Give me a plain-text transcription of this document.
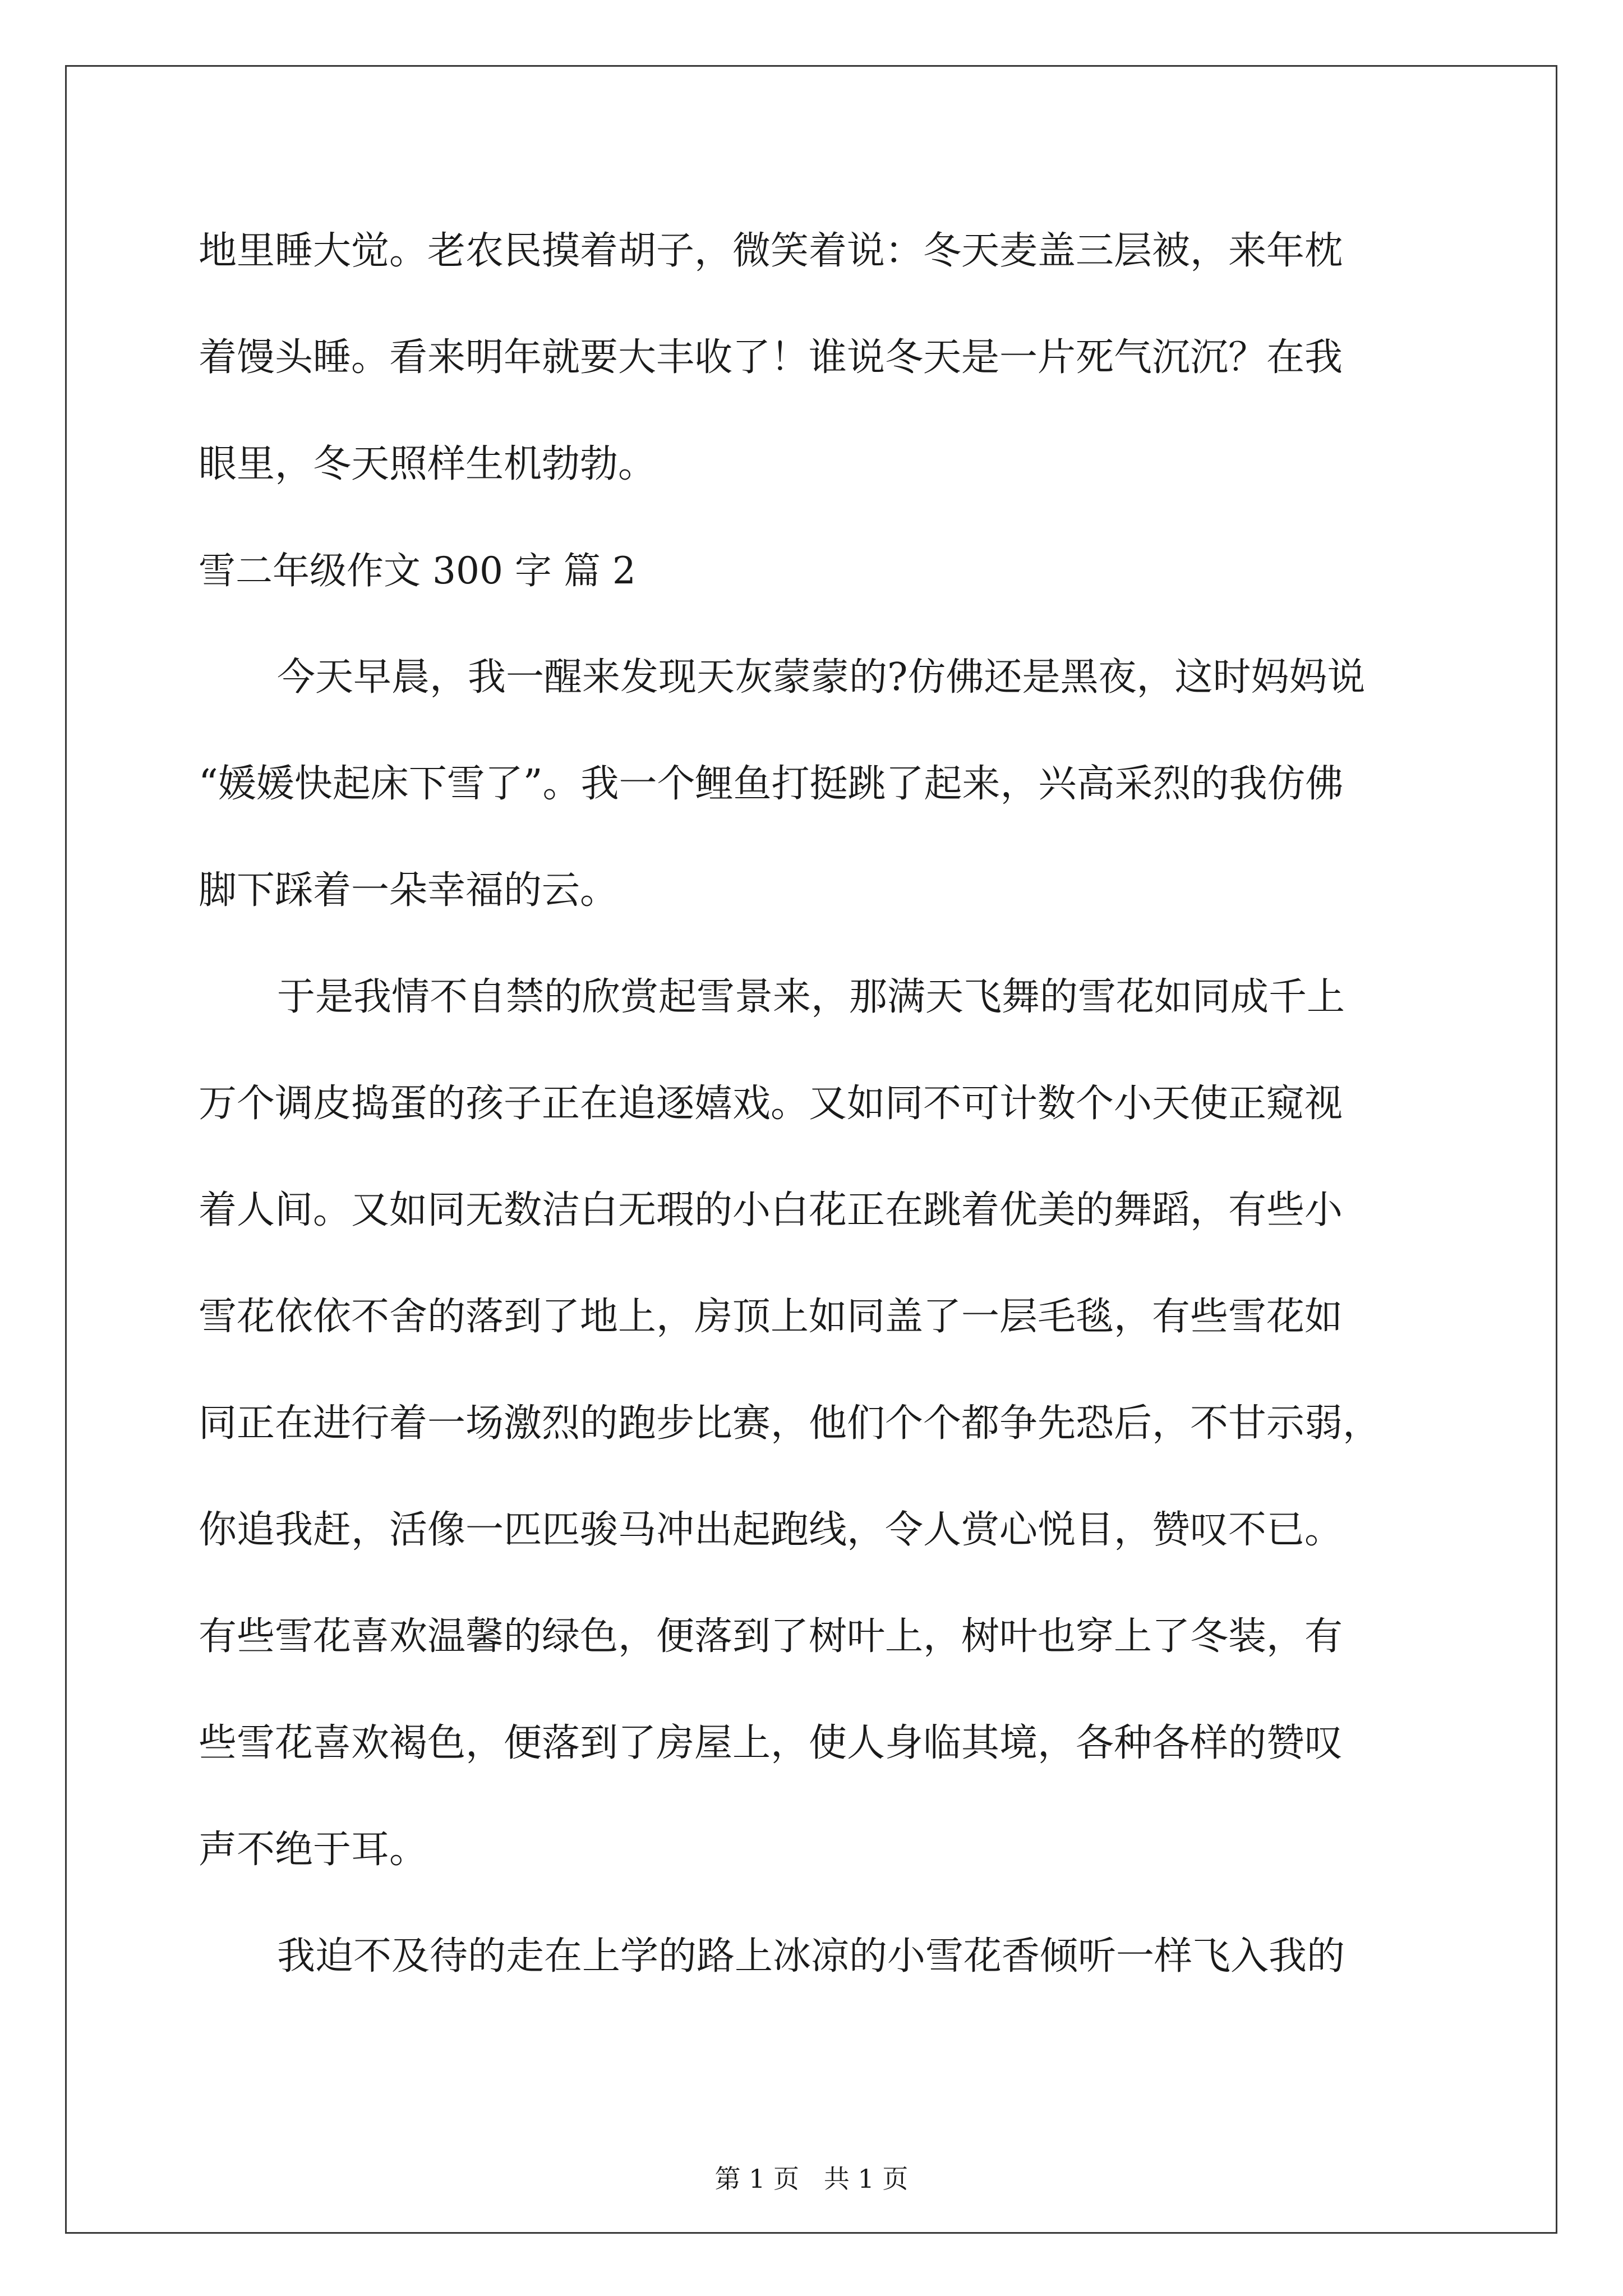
地里睡大觉。老农民摸着胡子，微笑着说：冬天麦盖三层被，来年枕
着馒头睡。看来明年就要大丰收了！谁说冬天是一片死气沉沉？在我
眼里，冬天照样生机勃勃。
雪二年级作文 300 字 篇 2
今天早晨，我一醒来发现天灰蒙蒙的?仿佛还是黑夜，这时妈妈说
“媛媛快起床下雪了”。我一个鲤鱼打挺跳了起来，兴高采烈的我仿佛
脚下踩着一朵幸福的云。
于是我情不自禁的欣赏起雪景来，那满天飞舞的雪花如同成千上
万个调皮捣蛋的孩子正在追逐嬉戏。又如同不可计数个小天使正窥视
着人间。又如同无数洁白无瑕的小白花正在跳着优美的舞蹈，有些小
雪花依依不舍的落到了地上，房顶上如同盖了一层毛毯，有些雪花如
同正在进行着一场激烈的跑步比赛，他们个个都争先恐后，不甘示弱，
你追我赶，活像一匹匹骏马冲出起跑线，令人赏心悦目，赞叹不已。
有些雪花喜欢温馨的绿色，便落到了树叶上，树叶也穿上了冬装，有
些雪花喜欢褐色，便落到了房屋上，使人身临其境，各种各样的赞叹
声不绝于耳。
我迫不及待的走在上学的路上冰凉的小雪花香倾听一样飞入我的
第 1 页   共 1 页
